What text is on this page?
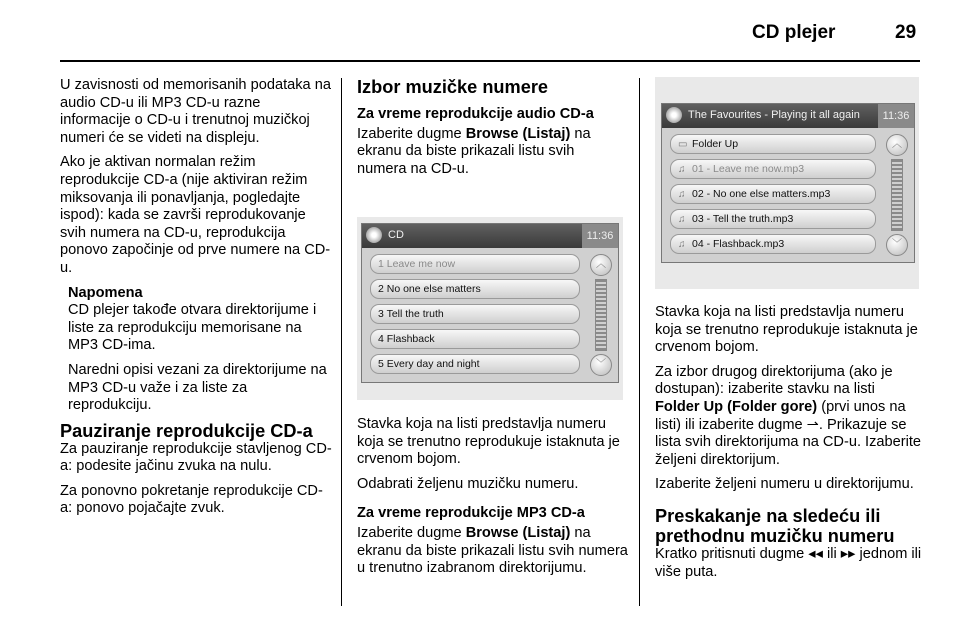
CD plejer	29

U zavisnosti od memorisanih podataka na audio CD-u ili MP3 CD-u razne informacije o CD-u i trenutnoj muzičkoj numeri će se videti na displeju.

Ako je aktivan normalan režim reprodukcije CD-a (nije aktiviran režim miksovanja ili ponavljanja, pogledajte ispod): kada se završi reprodukovanje svih numera na CD-u, reprodukcija ponovo započinje od prve numere na CD-u.

Napomena

CD plejer takođe otvara direktorijume i liste za reprodukciju memorisane na MP3 CD-ima.

Naredni opisi vezani za direktorijume na MP3 CD-u važe i za liste za reprodukciju.

Pauziranje reprodukcije CD-a

Za pauziranje reprodukcije stavljenog CD-a: podesite jačinu zvuka na nulu.

Za ponovno pokretanje reprodukcije CD-a: ponovo pojačajte zvuk.

Izbor muzičke numere
Za vreme reprodukcije audio CD-a

Izaberite dugme Browse (Listaj) na ekranu da biste prikazali listu svih numera na CD-u.

CD	11:36
1 Leave me now
2 No one else matters
3 Tell the truth
4 Flashback
5 Every day and night
︿
﹀

Stavka koja na listi predstavlja numeru koja se trenutno reprodukuje istaknuta je crvenom bojom.

Odabrati željenu muzičku numeru.

Za vreme reprodukcije MP3 CD-a

Izaberite dugme Browse (Listaj) na ekranu da biste prikazali listu svih numera u trenutno izabranom direktorijumu.

The Favourites - Playing it all again	11:36
▭ Folder Up
♫ 01 - Leave me now.mp3
♫ 02 - No one else matters.mp3
♫ 03 - Tell the truth.mp3
♫ 04 - Flashback.mp3
︿
﹀

Stavka koja na listi predstavlja numeru koja se trenutno reprodukuje istaknuta je crvenom bojom.

Za izbor drugog direktorijuma (ako je dostupan): izaberite stavku na listi Folder Up (Folder gore) (prvi unos na listi) ili izaberite dugme ⇀. Prikazuje se lista svih direktorijuma na CD-u. Izaberite željeni direktorijum.

Izaberite željeni numeru u direktorijumu.

Preskakanje na sledeću ili prethodnu muzičku numeru

Kratko pritisnuti dugme ◂◂ ili ▸▸ jednom ili više puta.
